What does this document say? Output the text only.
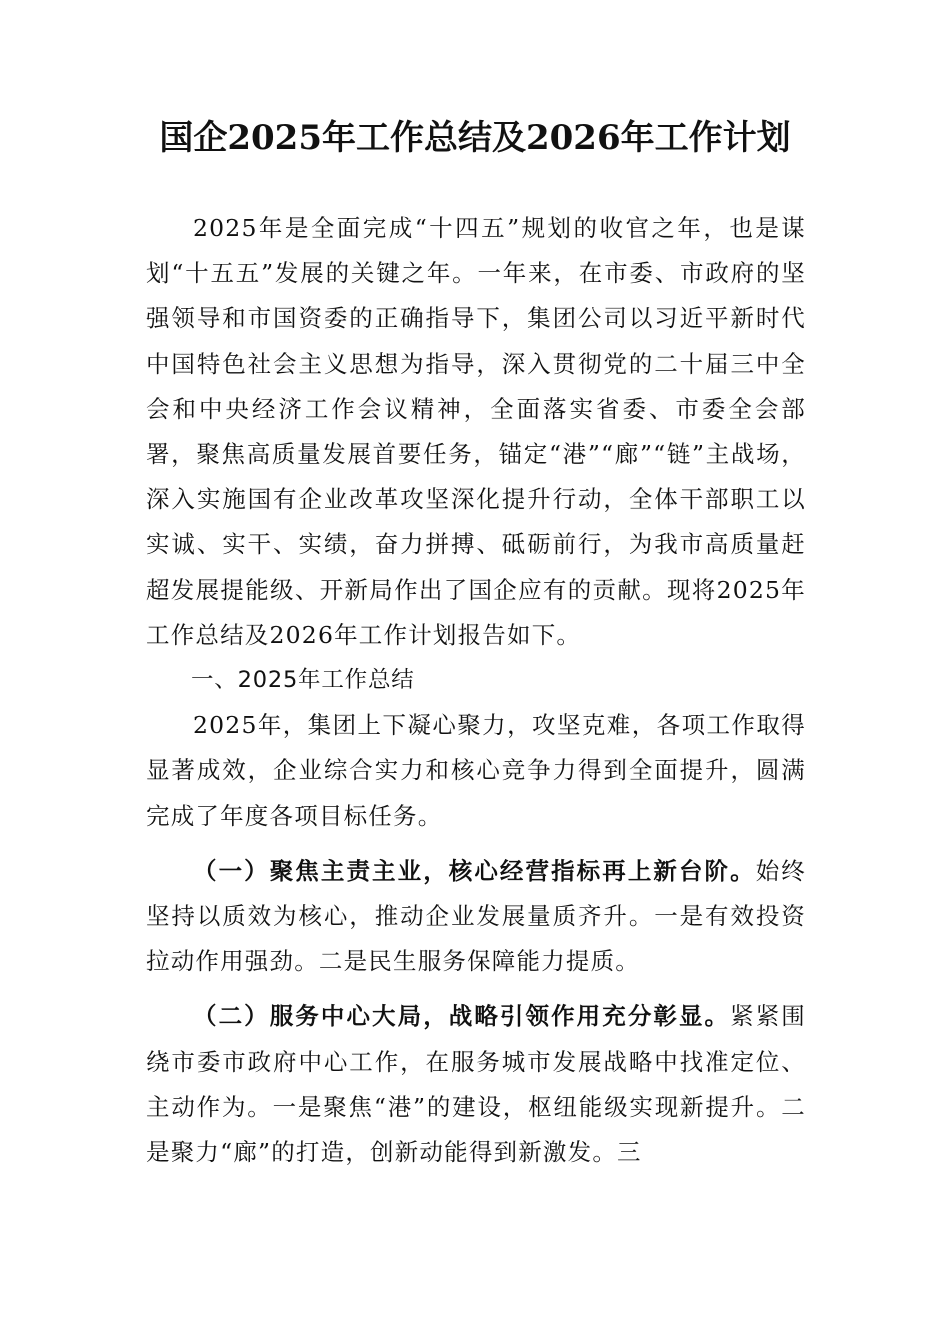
国企2025年工作总结及2026年工作计划

2025年是全面完成“十四五”规划的收官之年，也是谋划“十五五”发展的关键之年。一年来，在市委、市政府的坚强领导和市国资委的正确指导下，集团公司以习近平新时代中国特色社会主义思想为指导，深入贯彻党的二十届三中全会和中央经济工作会议精神，全面落实省委、市委全会部署，聚焦高质量发展首要任务，锚定“港”“廊”“链”主战场，深入实施国有企业改革攻坚深化提升行动，全体干部职工以实诚、实干、实绩，奋力拼搏、砥砺前行，为我市高质量赶超发展提能级、开新局作出了国企应有的贡献。现将2025年工作总结及2026年工作计划报告如下。

一、2025年工作总结

2025年，集团上下凝心聚力，攻坚克难，各项工作取得显著成效，企业综合实力和核心竞争力得到全面提升，圆满完成了年度各项目标任务。

（一）聚焦主责主业，核心经营指标再上新台阶。始终坚持以质效为核心，推动企业发展量质齐升。一是有效投资拉动作用强劲。二是民生服务保障能力提质。

（二）服务中心大局，战略引领作用充分彰显。紧紧围绕市委市政府中心工作，在服务城市发展战略中找准定位、主动作为。一是聚焦“港”的建设，枢纽能级实现新提升。二是聚力“廊”的打造，创新动能得到新激发。三
